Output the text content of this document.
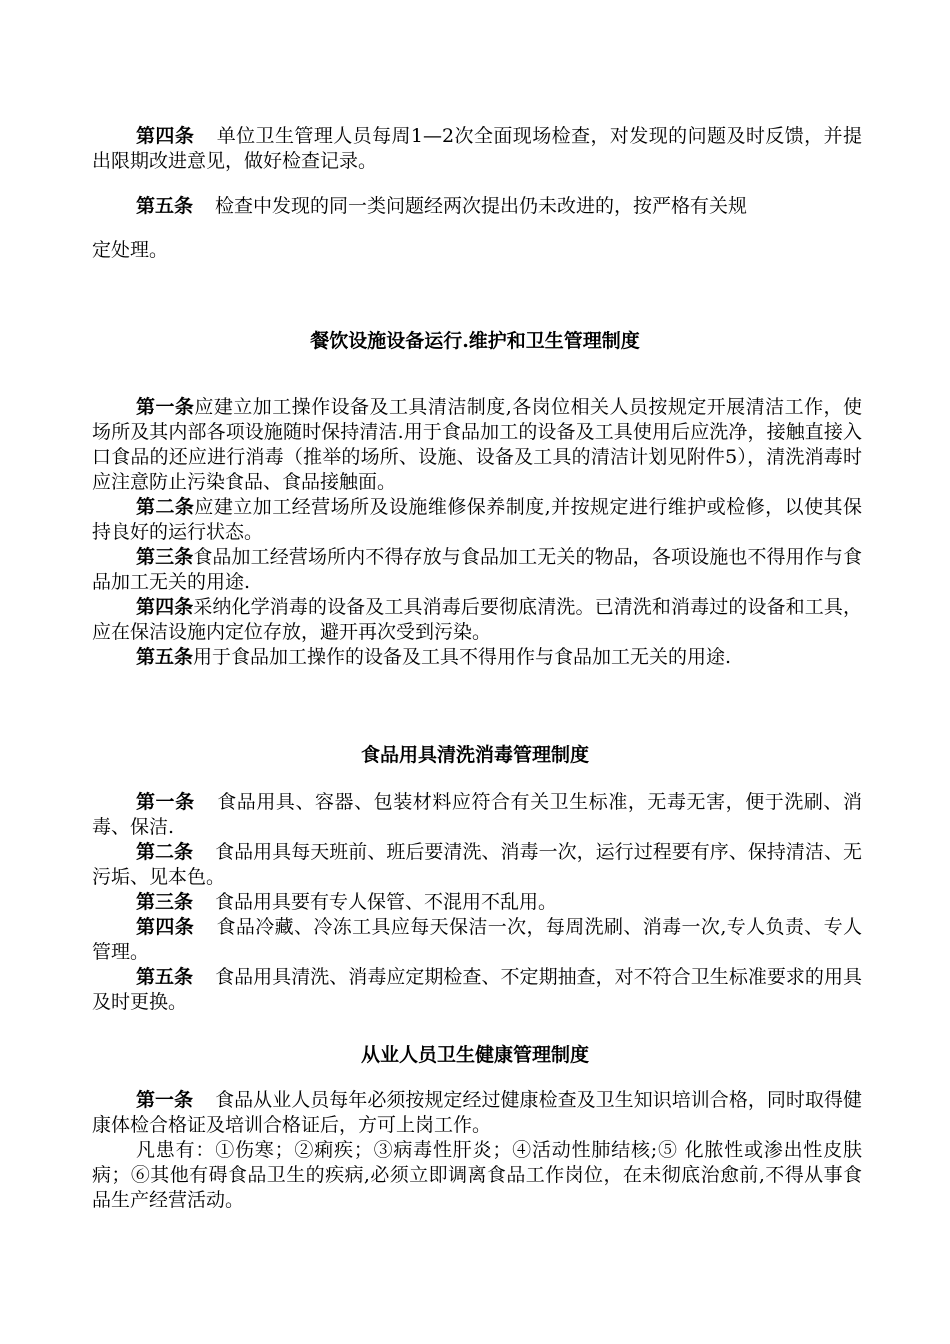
第四条 单位卫生管理人员每周1—2次全面现场检查，对发现的问题及时反馈，并提出限期改进意见，做好检查记录。

第五条 检查中发现的同一类问题经两次提出仍未改进的，按严格有关规

定处理。

餐饮设施设备运行.维护和卫生管理制度

第一条应建立加工操作设备及工具清洁制度,各岗位相关人员按规定开展清洁工作，使场所及其内部各项设施随时保持清洁.用于食品加工的设备及工具使用后应洗净，接触直接入口食品的还应进行消毒（推举的场所、设施、设备及工具的清洁计划见附件5），清洗消毒时应注意防止污染食品、食品接触面。

第二条应建立加工经营场所及设施维修保养制度,并按规定进行维护或检修，以使其保持良好的运行状态。

第三条食品加工经营场所内不得存放与食品加工无关的物品，各项设施也不得用作与食品加工无关的用途.

第四条采纳化学消毒的设备及工具消毒后要彻底清洗。已清洗和消毒过的设备和工具，应在保洁设施内定位存放，避开再次受到污染。

第五条用于食品加工操作的设备及工具不得用作与食品加工无关的用途.

食品用具清洗消毒管理制度

第一条 食品用具、容器、包装材料应符合有关卫生标准，无毒无害，便于洗刷、消毒、保洁.

第二条 食品用具每天班前、班后要清洗、消毒一次，运行过程要有序、保持清洁、无污垢、见本色。

第三条 食品用具要有专人保管、不混用不乱用。

第四条 食品冷藏、冷冻工具应每天保洁一次，每周洗刷、消毒一次,专人负责、专人管理。

第五条 食品用具清洗、消毒应定期检查、不定期抽查，对不符合卫生标准要求的用具及时更换。

从业人员卫生健康管理制度

第一条 食品从业人员每年必须按规定经过健康检查及卫生知识培训合格，同时取得健康体检合格证及培训合格证后，方可上岗工作。

凡患有：①伤寒；②痢疾；③病毒性肝炎；④活动性肺结核;⑤ 化脓性或渗出性皮肤病；⑥其他有碍食品卫生的疾病,必须立即调离食品工作岗位，在未彻底治愈前,不得从事食品生产经营活动。
